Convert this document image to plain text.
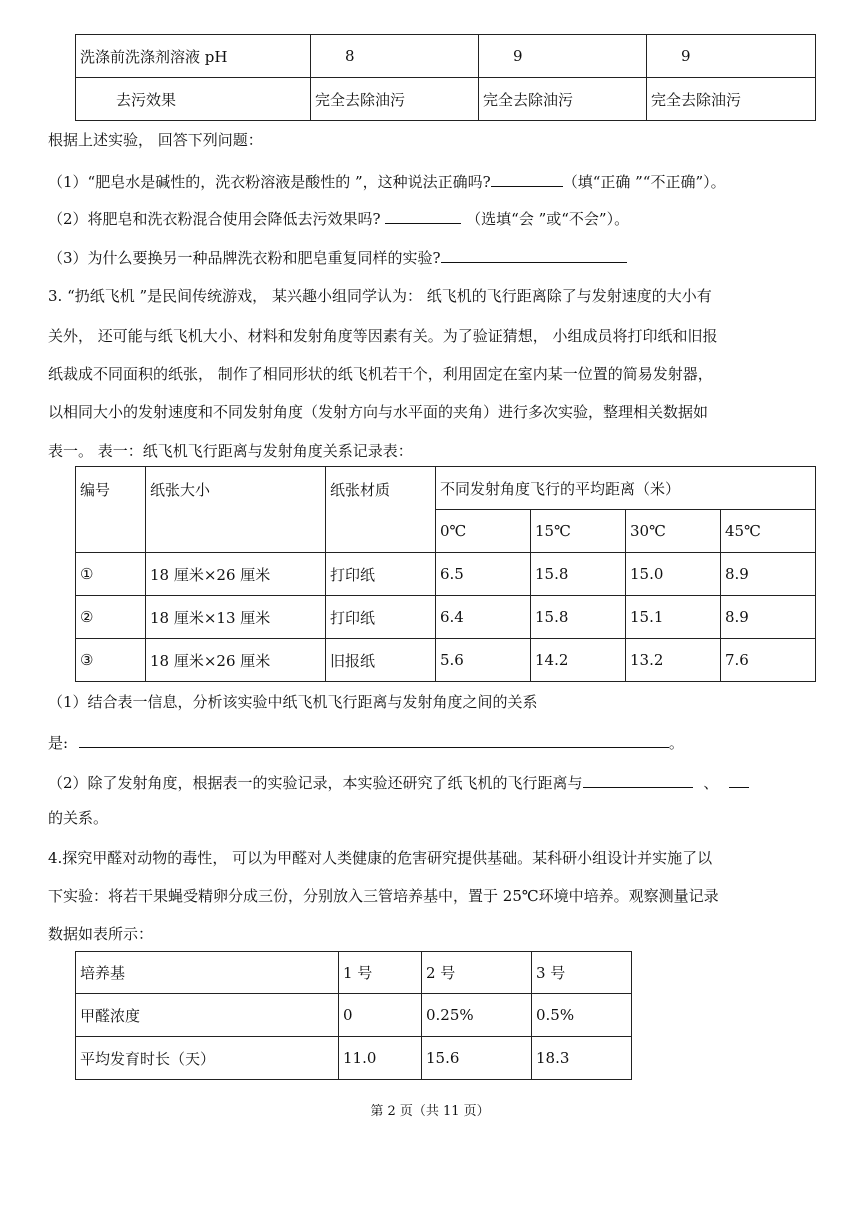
洗涤前洗涤剂溶液 pH	8	9	9
去污效果	完全去除油污	完全去除油污	完全去除油污
根据上述实验， 回答下列问题：
（1）“肥皂水是碱性的，洗衣粉溶液是酸性的 ”，这种说法正确吗?	（填“正确 ”“不正确”）。
（2）将肥皂和洗衣粉混合使用会降低去污效果吗?	（选填“会 ”或“不会”）。
（3）为什么要换另一种品牌洗衣粉和肥皂重复同样的实验?
3. “扔纸飞机 ”是民间传统游戏， 某兴趣小组同学认为： 纸飞机的飞行距离除了与发射速度的大小有
关外， 还可能与纸飞机大小、材料和发射角度等因素有关。为了验证猜想， 小组成员将打印纸和旧报
纸裁成不同面积的纸张， 制作了相同形状的纸飞机若干个，利用固定在室内某一位置的简易发射器，
以相同大小的发射速度和不同发射角度（发射方向与水平面的夹角）进行多次实验，整理相关数据如
表一。 表一：纸飞机飞行距离与发射角度关系记录表：
编号	纸张大小	纸张材质	不同发射角度飞行的平均距离（米）			
			0℃	15℃	30℃	45℃
①	18 厘米×26 厘米	打印纸	6.5	15.8	15.0	8.9
②	18 厘米×13 厘米	打印纸	6.4	15.8	15.1	8.9
③	18 厘米×26 厘米	旧报纸	5.6	14.2	13.2	7.6
（1）结合表一信息，分析该实验中纸飞机飞行距离与发射角度之间的关系
是:	。
（2）除了发射角度，根据表一的实验记录，本实验还研究了纸飞机的飞行距离与	、
的关系。
4.探究甲醛对动物的毒性， 可以为甲醛对人类健康的危害研究提供基础。某科研小组设计并实施了以
下实验：将若干果蝇受精卵分成三份，分别放入三管培养基中，置于 25℃环境中培养。观察测量记录
数据如表所示：
培养基	1 号	2 号	3 号
甲醛浓度	0	0.25%	0.5%
平均发育时长（天）	11.0	15.6	18.3
第 2 页（共 11 页）
